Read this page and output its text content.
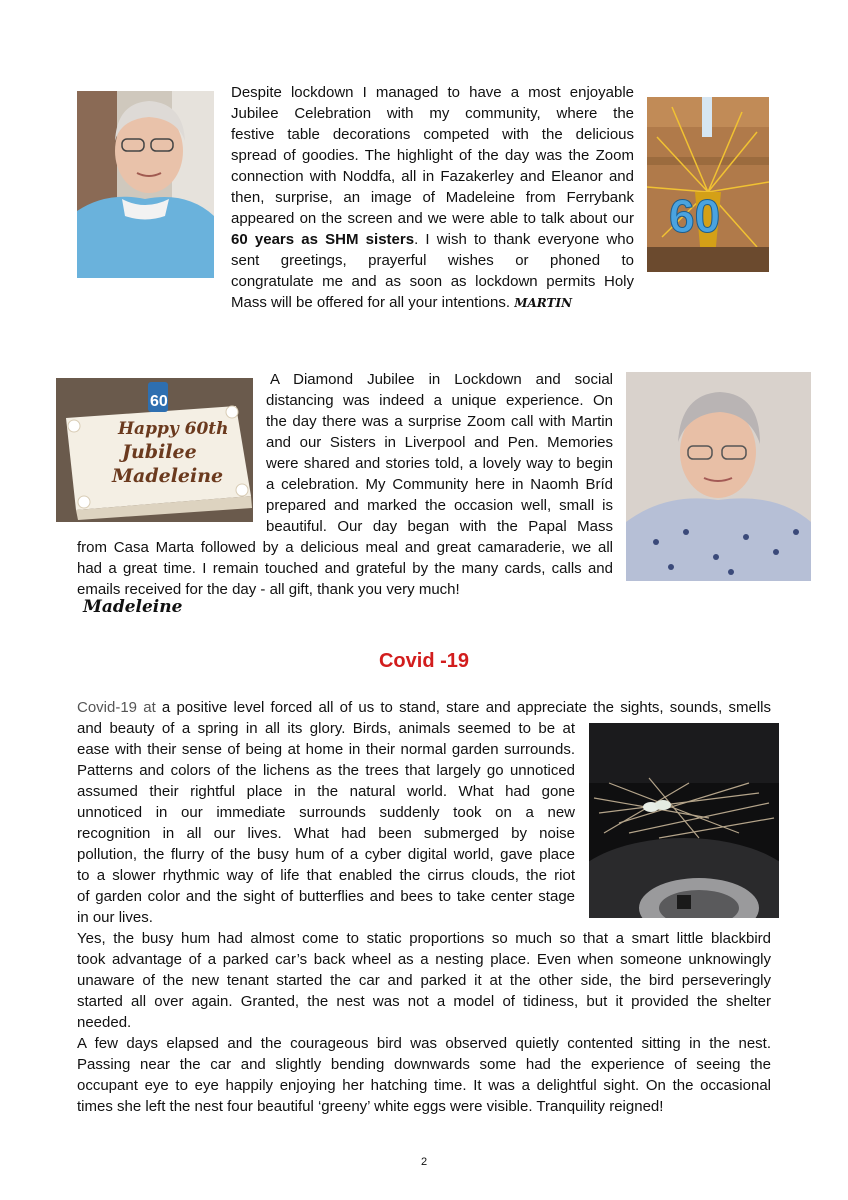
Despite lockdown I managed to have a most enjoyable
Jubilee Celebration with my community, where the
festive table decorations competed with the delicious
spread of goodies. The highlight of the day was the Zoom
connection with Noddfa, all in Fazakerley and Eleanor and
then, surprise, an image of Madeleine from Ferrybank
appeared on the screen and we were able to talk about our
60 years as SHM sisters. I wish to thank everyone who
sent greetings, prayerful wishes or phoned to
congratulate me and as soon as lockdown permits Holy
Mass will be offered for all your intentions. MARTIN
60
60
Happy 60th
Jubilee
Madeleine
A Diamond Jubilee in Lockdown and social
distancing was indeed a unique experience. On
the day there was a surprise Zoom call with Martin
and our Sisters in Liverpool and Pen. Memories
were shared and stories told, a lovely way to begin
a celebration. My Community here in Naomh Bríd
prepared and marked the occasion well, small is
beautiful. Our day began with the Papal Mass
from Casa Marta followed by a delicious meal and great camaraderie, we all
had a great time. I remain touched and grateful by the many cards, calls and
emails received for the day - all gift, thank you very much!
Madeleine
Covid -19
Covid-19 at a positive level forced all of us to stand, stare and appreciate the sights, sounds, smells
and beauty of a spring in all its glory. Birds, animals seemed to be at
ease with their sense of being at home in their normal garden surrounds.
Patterns and colors of the lichens as the trees that largely go unnoticed
assumed their rightful place in the natural world. What had gone
unnoticed in our immediate surrounds suddenly took on a new
recognition in all our lives. What had been submerged by noise
pollution, the flurry of the busy hum of a cyber digital world, gave place
to a slower rhythmic way of life that enabled the cirrus clouds, the riot
of garden color and the sight of butterflies and bees to take center stage
in our lives.
Yes, the busy hum had almost come to static proportions so much so that a smart little blackbird
took advantage of a parked car’s back wheel as a nesting place. Even when someone unknowingly
unaware of the new tenant started the car and parked it at the other side, the bird perseveringly
started all over again. Granted, the nest was not a model of tidiness, but it provided the shelter
needed.
A few days elapsed and the courageous bird was observed quietly contented sitting in the nest.
Passing near the car and slightly bending downwards some had the experience of seeing the
occupant eye to eye happily enjoying her hatching time. It was a delightful sight. On the occasional
times she left the nest four beautiful ‘greeny’ white eggs were visible. Tranquility reigned!
2
